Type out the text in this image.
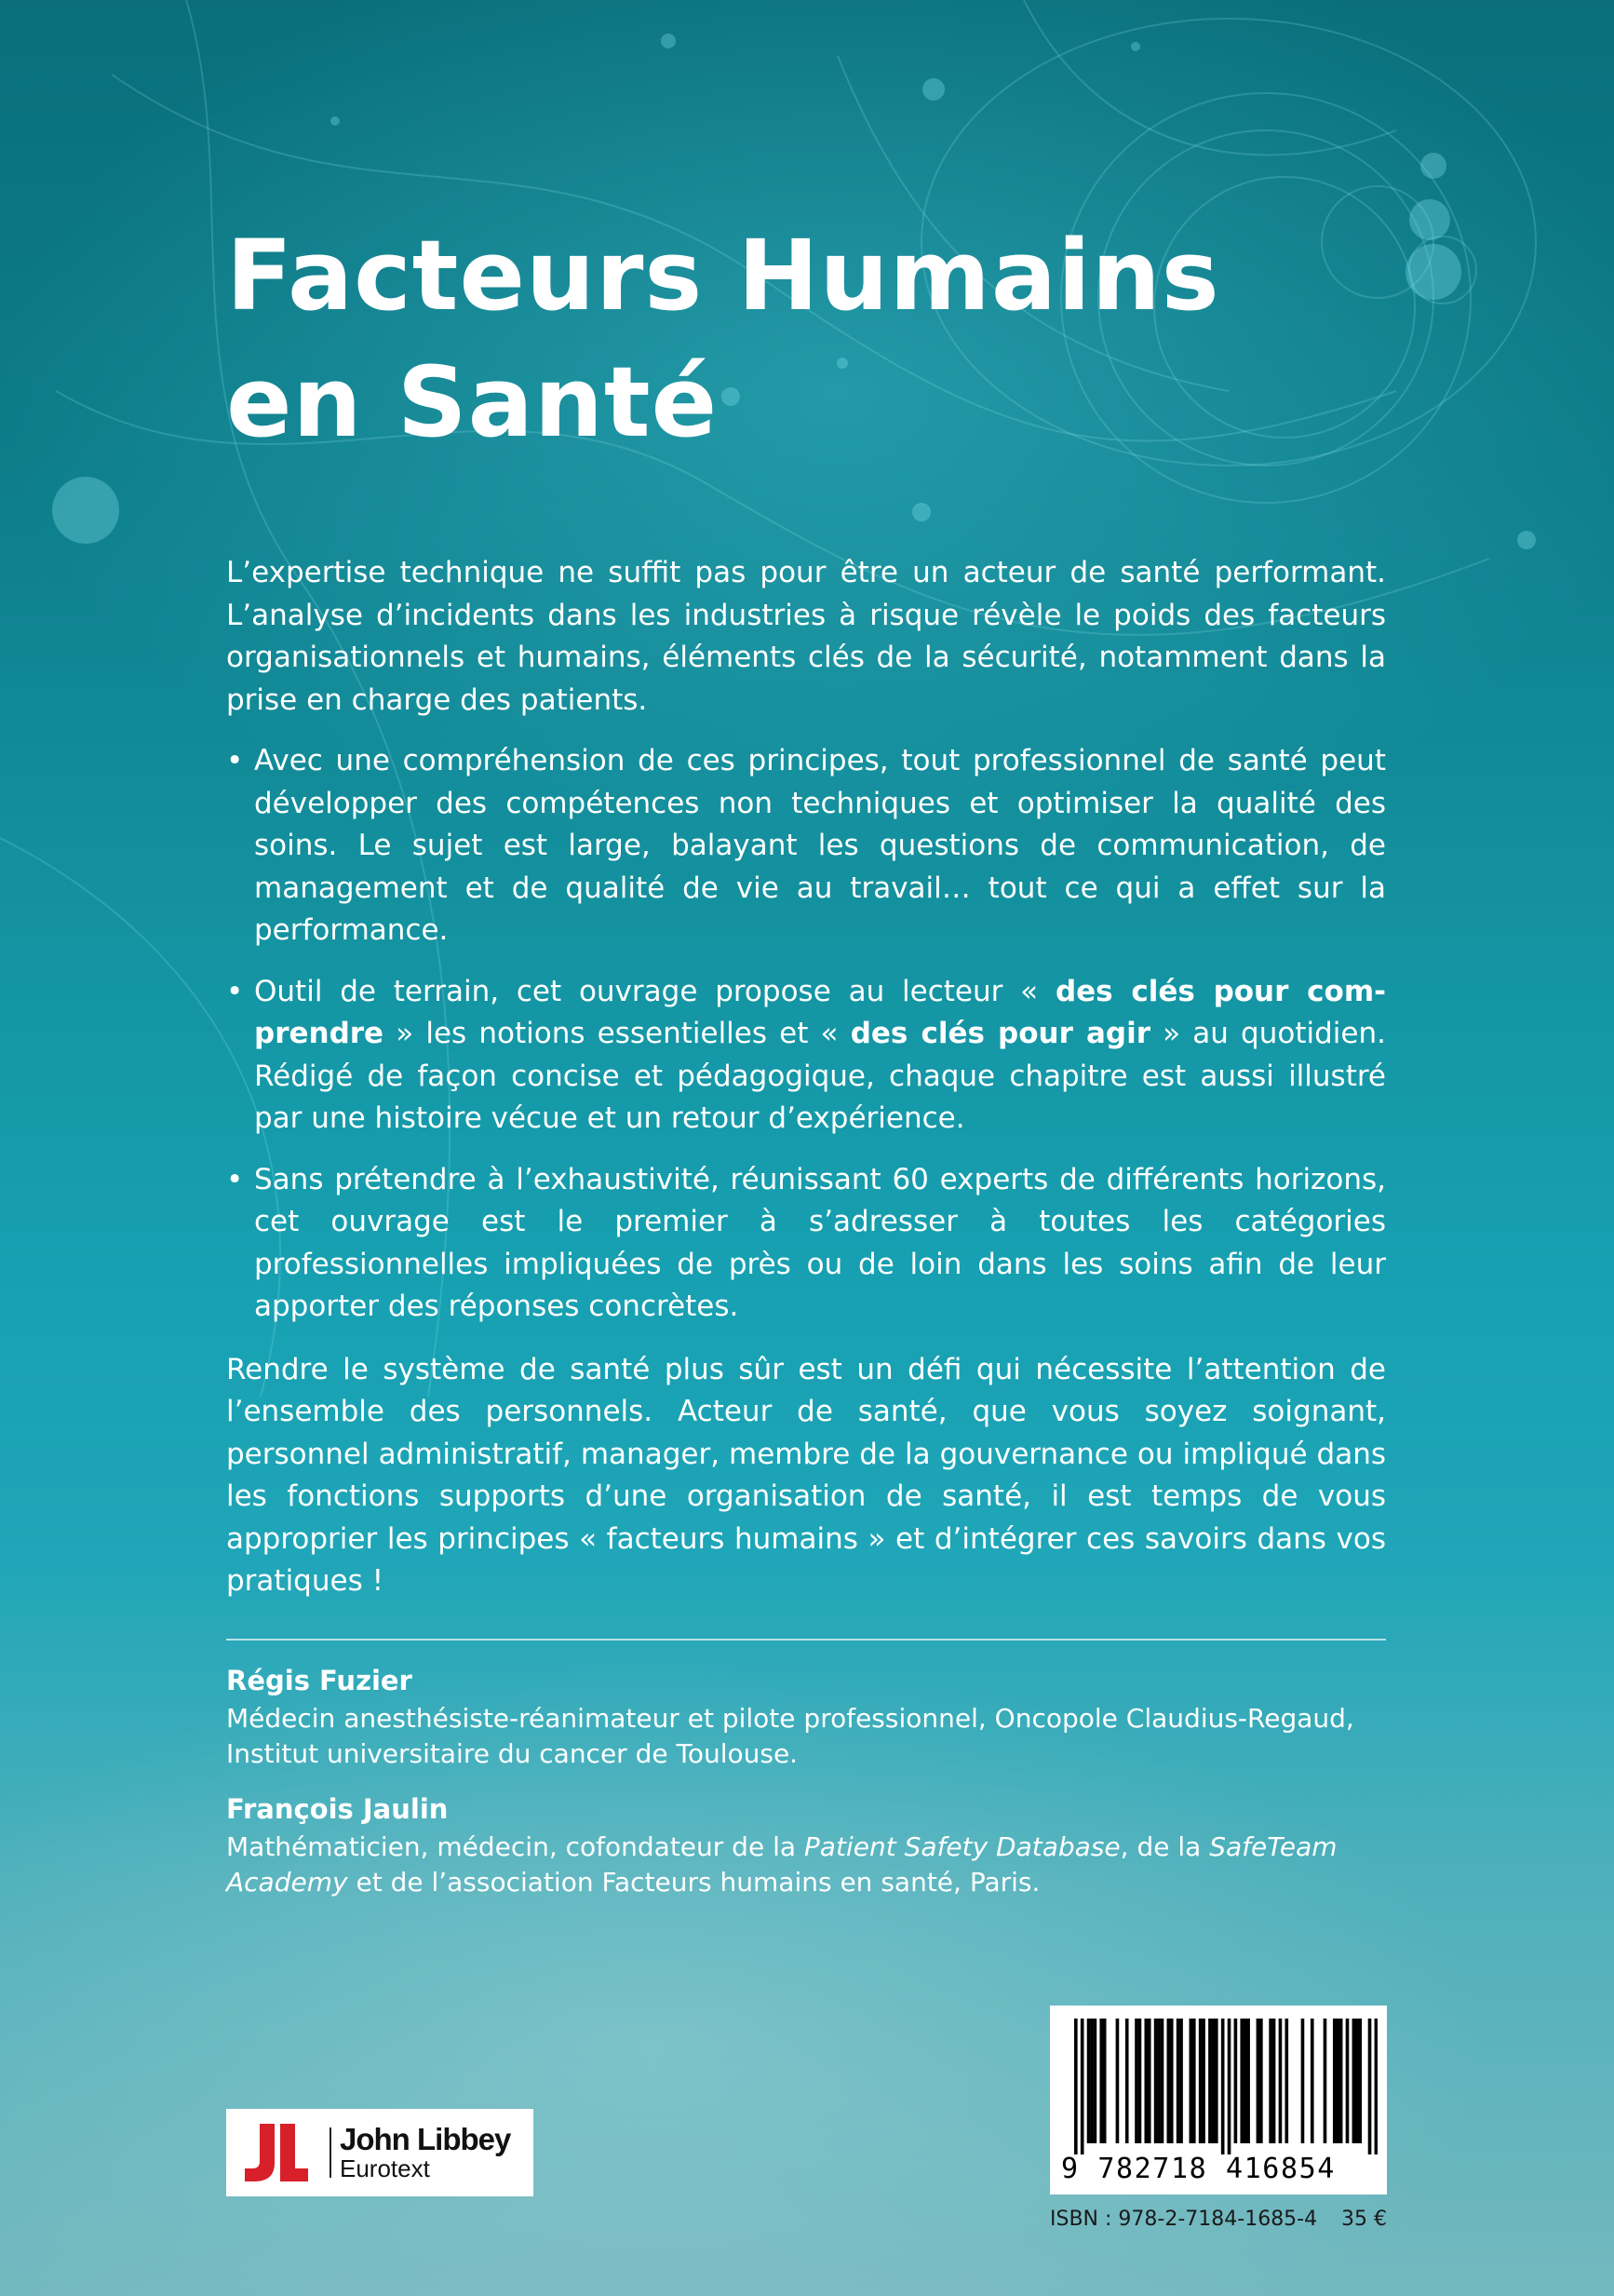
Facteurs Humains
en Santé

L’expertise technique ne suffit pas pour être un acteur de santé performant. L’analyse d’incidents dans les industries à risque révèle le poids des facteurs organisationnels et humains, éléments clés de la sécurité, notamment dans la prise en charge des patients.

• Avec une compréhension de ces principes, tout professionnel de santé peut développer des compétences non techniques et optimiser la qualité des soins. Le sujet est large, balayant les questions de communication, de management et de qualité de vie au travail… tout ce qui a effet sur la performance.
• Outil de terrain, cet ouvrage propose au lecteur « des clés pour comprendre » les notions essentielles et « des clés pour agir » au quotidien. Rédigé de façon concise et pédagogique, chaque chapitre est aussi illustré par une histoire vécue et un retour d’expérience.
• Sans prétendre à l’exhaustivité, réunissant 60 experts de différents horizons, cet ouvrage est le premier à s’adresser à toutes les catégories professionnelles impliquées de près ou de loin dans les soins afin de leur apporter des réponses concrètes.

Rendre le système de santé plus sûr est un défi qui nécessite l’attention de l’ensemble des personnels. Acteur de santé, que vous soyez soignant, personnel administratif, manager, membre de la gouvernance ou impliqué dans les fonctions supports d’une organisation de santé, il est temps de vous approprier les principes « facteurs humains » et d’intégrer ces savoirs dans vos pratiques !

Régis Fuzier
Médecin anesthésiste-réanimateur et pilote professionnel, Oncopole Claudius-Regaud, Institut universitaire du cancer de Toulouse.
François Jaulin
Mathématicien, médecin, cofondateur de la Patient Safety Database, de la SafeTeam Academy et de l’association Facteurs humains en santé, Paris.
John Libbey
Eurotext	9 782718 416854
ISBN : 978-2-7184-1685-4 35 €
